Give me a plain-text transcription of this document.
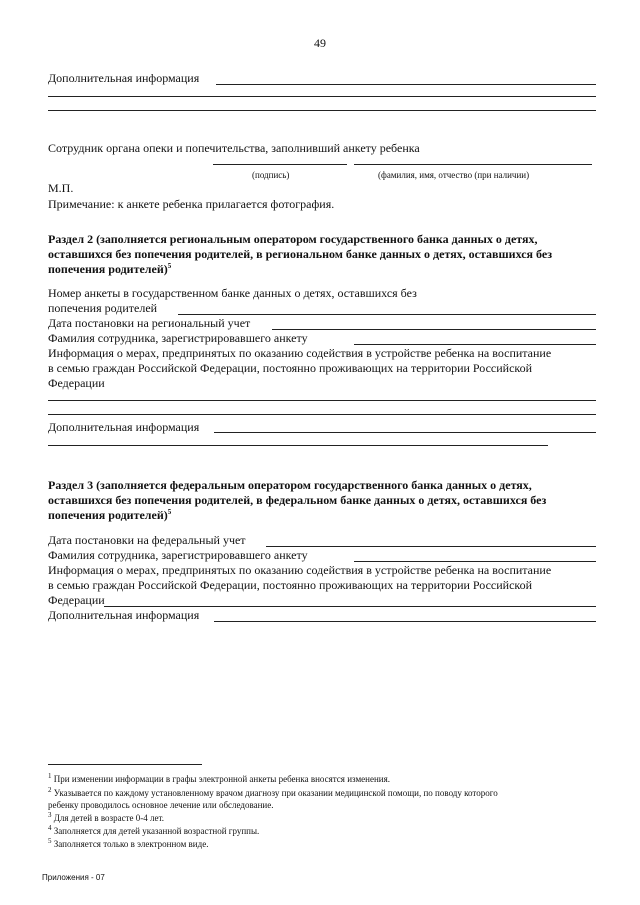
49
Дополнительная информация
Сотрудник органа опеки и попечительства, заполнивший анкету ребенка
(подпись)	(фамилия, имя, отчество (при наличии)
М.П.
Примечание: к анкете ребенка прилагается фотография.
Раздел 2 (заполняется региональным оператором государственного банка данных о детях,
оставшихся без попечения родителей, в региональном банке данных о детях, оставшихся без
попечения родителей)$^5$
Номер анкеты в государственном банке данных о детях, оставшихся без
попечения родителей
Дата постановки на региональный учет
Фамилия сотрудника, зарегистрировавшего анкету
Информация о мерах, предпринятых по оказанию содействия в устройстве ребенка на воспитание
в семью граждан Российской Федерации, постоянно проживающих на территории Российской
Федерации
Дополнительная информация
Раздел 3 (заполняется федеральным оператором государственного банка данных о детях,
оставшихся без попечения родителей, в федеральном банке данных о детях, оставшихся без
попечения родителей)$^5$
Дата постановки на федеральный учет
Фамилия сотрудника, зарегистрировавшего анкету
Информация о мерах, предпринятых по оказанию содействия в устройстве ребенка на воспитание
в семью граждан Российской Федерации, постоянно проживающих на территории Российской
Федерации
Дополнительная информация
$^1$ При изменении информации в графы электронной анкеты ребенка вносятся изменения.
$^2$ Указывается по каждому установленному врачом диагнозу при оказании медицинской помощи, по поводу которого
ребенку проводилось основное лечение или обследование.
$^3$ Для детей в возрасте 0-4 лет.
$^4$ Заполняется для детей указанной возрастной группы.
$^5$ Заполняется только в электронном виде.
Приложения - 07
